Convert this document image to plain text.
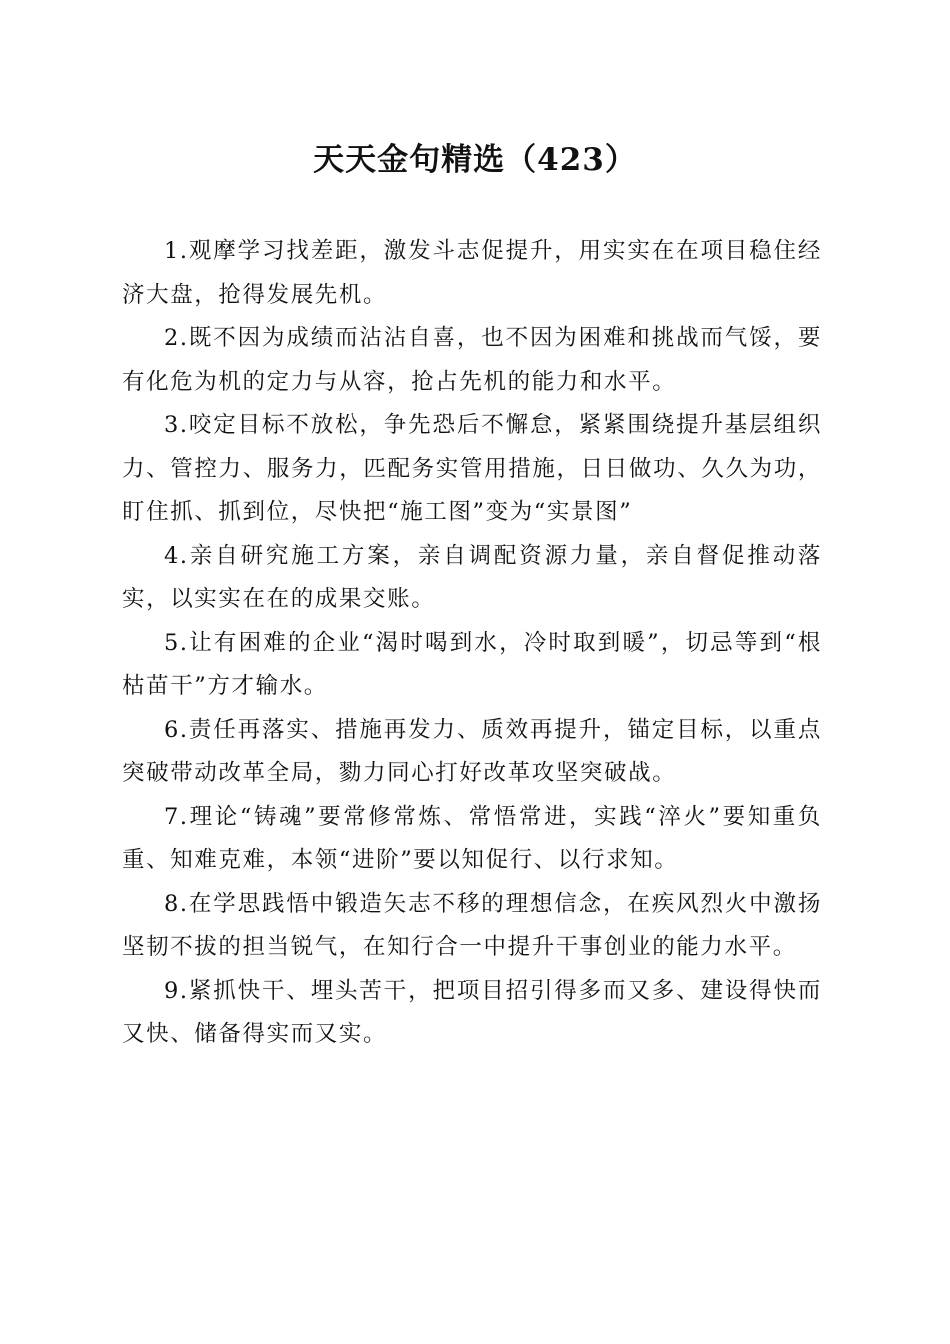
天天金句精选（423）

1.观摩学习找差距，激发斗志促提升，用实实在在项目稳住经济大盘，抢得发展先机。

2.既不因为成绩而沾沾自喜，也不因为困难和挑战而气馁，要有化危为机的定力与从容，抢占先机的能力和水平。

3.咬定目标不放松，争先恐后不懈怠，紧紧围绕提升基层组织力、管控力、服务力，匹配务实管用措施，日日做功、久久为功，盯住抓、抓到位，尽快把“施工图”变为“实景图”

4.亲自研究施工方案，亲自调配资源力量，亲自督促推动落实，以实实在在的成果交账。

5.让有困难的企业“渴时喝到水，冷时取到暖”，切忌等到“根枯苗干”方才输水。

6.责任再落实、措施再发力、质效再提升，锚定目标，以重点突破带动改革全局，勠力同心打好改革攻坚突破战。

7.理论“铸魂”要常修常炼、常悟常进，实践“淬火”要知重负重、知难克难，本领“进阶”要以知促行、以行求知。

8.在学思践悟中锻造矢志不移的理想信念，在疾风烈火中激扬坚韧不拔的担当锐气，在知行合一中提升干事创业的能力水平。

9.紧抓快干、埋头苦干，把项目招引得多而又多、建设得快而又快、储备得实而又实。
